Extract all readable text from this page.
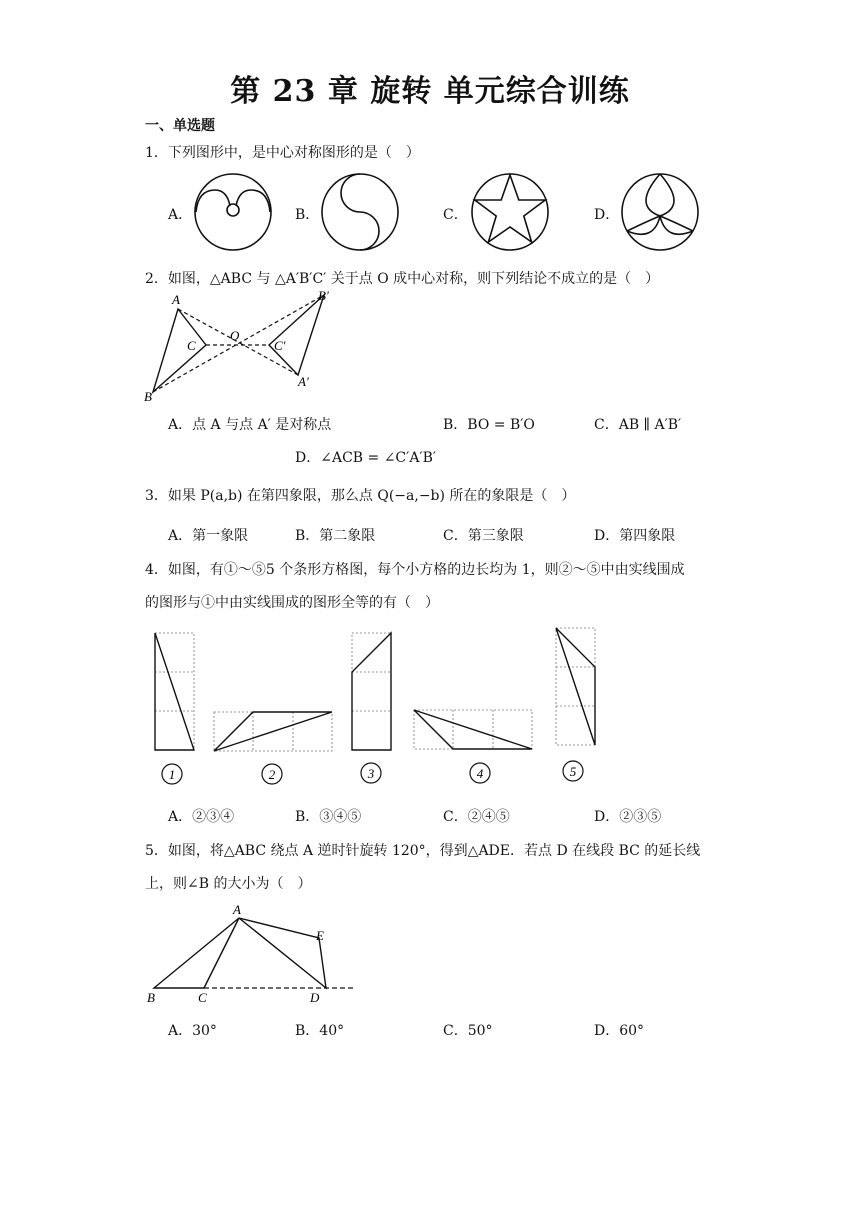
第 23 章 旋转 单元综合训练
一、单选题
1．下列图形中，是中心对称图形的是（　）
A．	B．	C．	D．
2．如图，△ABC 与 △A′B′C′ 关于点 O 成中心对称，则下列结论不成立的是（　）
A
B
C
O
C′
B′
A′
A．点 A 与点 A′ 是对称点	B．BO = B′O	C．AB ∥ A′B′
D．∠ACB = ∠C′A′B′
3．如果 P(a,b) 在第四象限，那么点 Q(−a,−b) 所在的象限是（　）
A．第一象限	B．第二象限	C．第三象限	D．第四象限
4．如图，有①～⑤5 个条形方格图，每个小方格的边长均为 1，则②～⑤中由实线围成
的图形与①中由实线围成的图形全等的有（　）
1	2	3	4	5
A．②③④	B．③④⑤	C．②④⑤	D．②③⑤
5．如图，将△ABC 绕点 A 逆时针旋转 120°，得到△ADE．若点 D 在线段 BC 的延长线
上，则∠B 的大小为（　）
A
E
B	C	D
A．30°	B．40°	C．50°	D．60°
